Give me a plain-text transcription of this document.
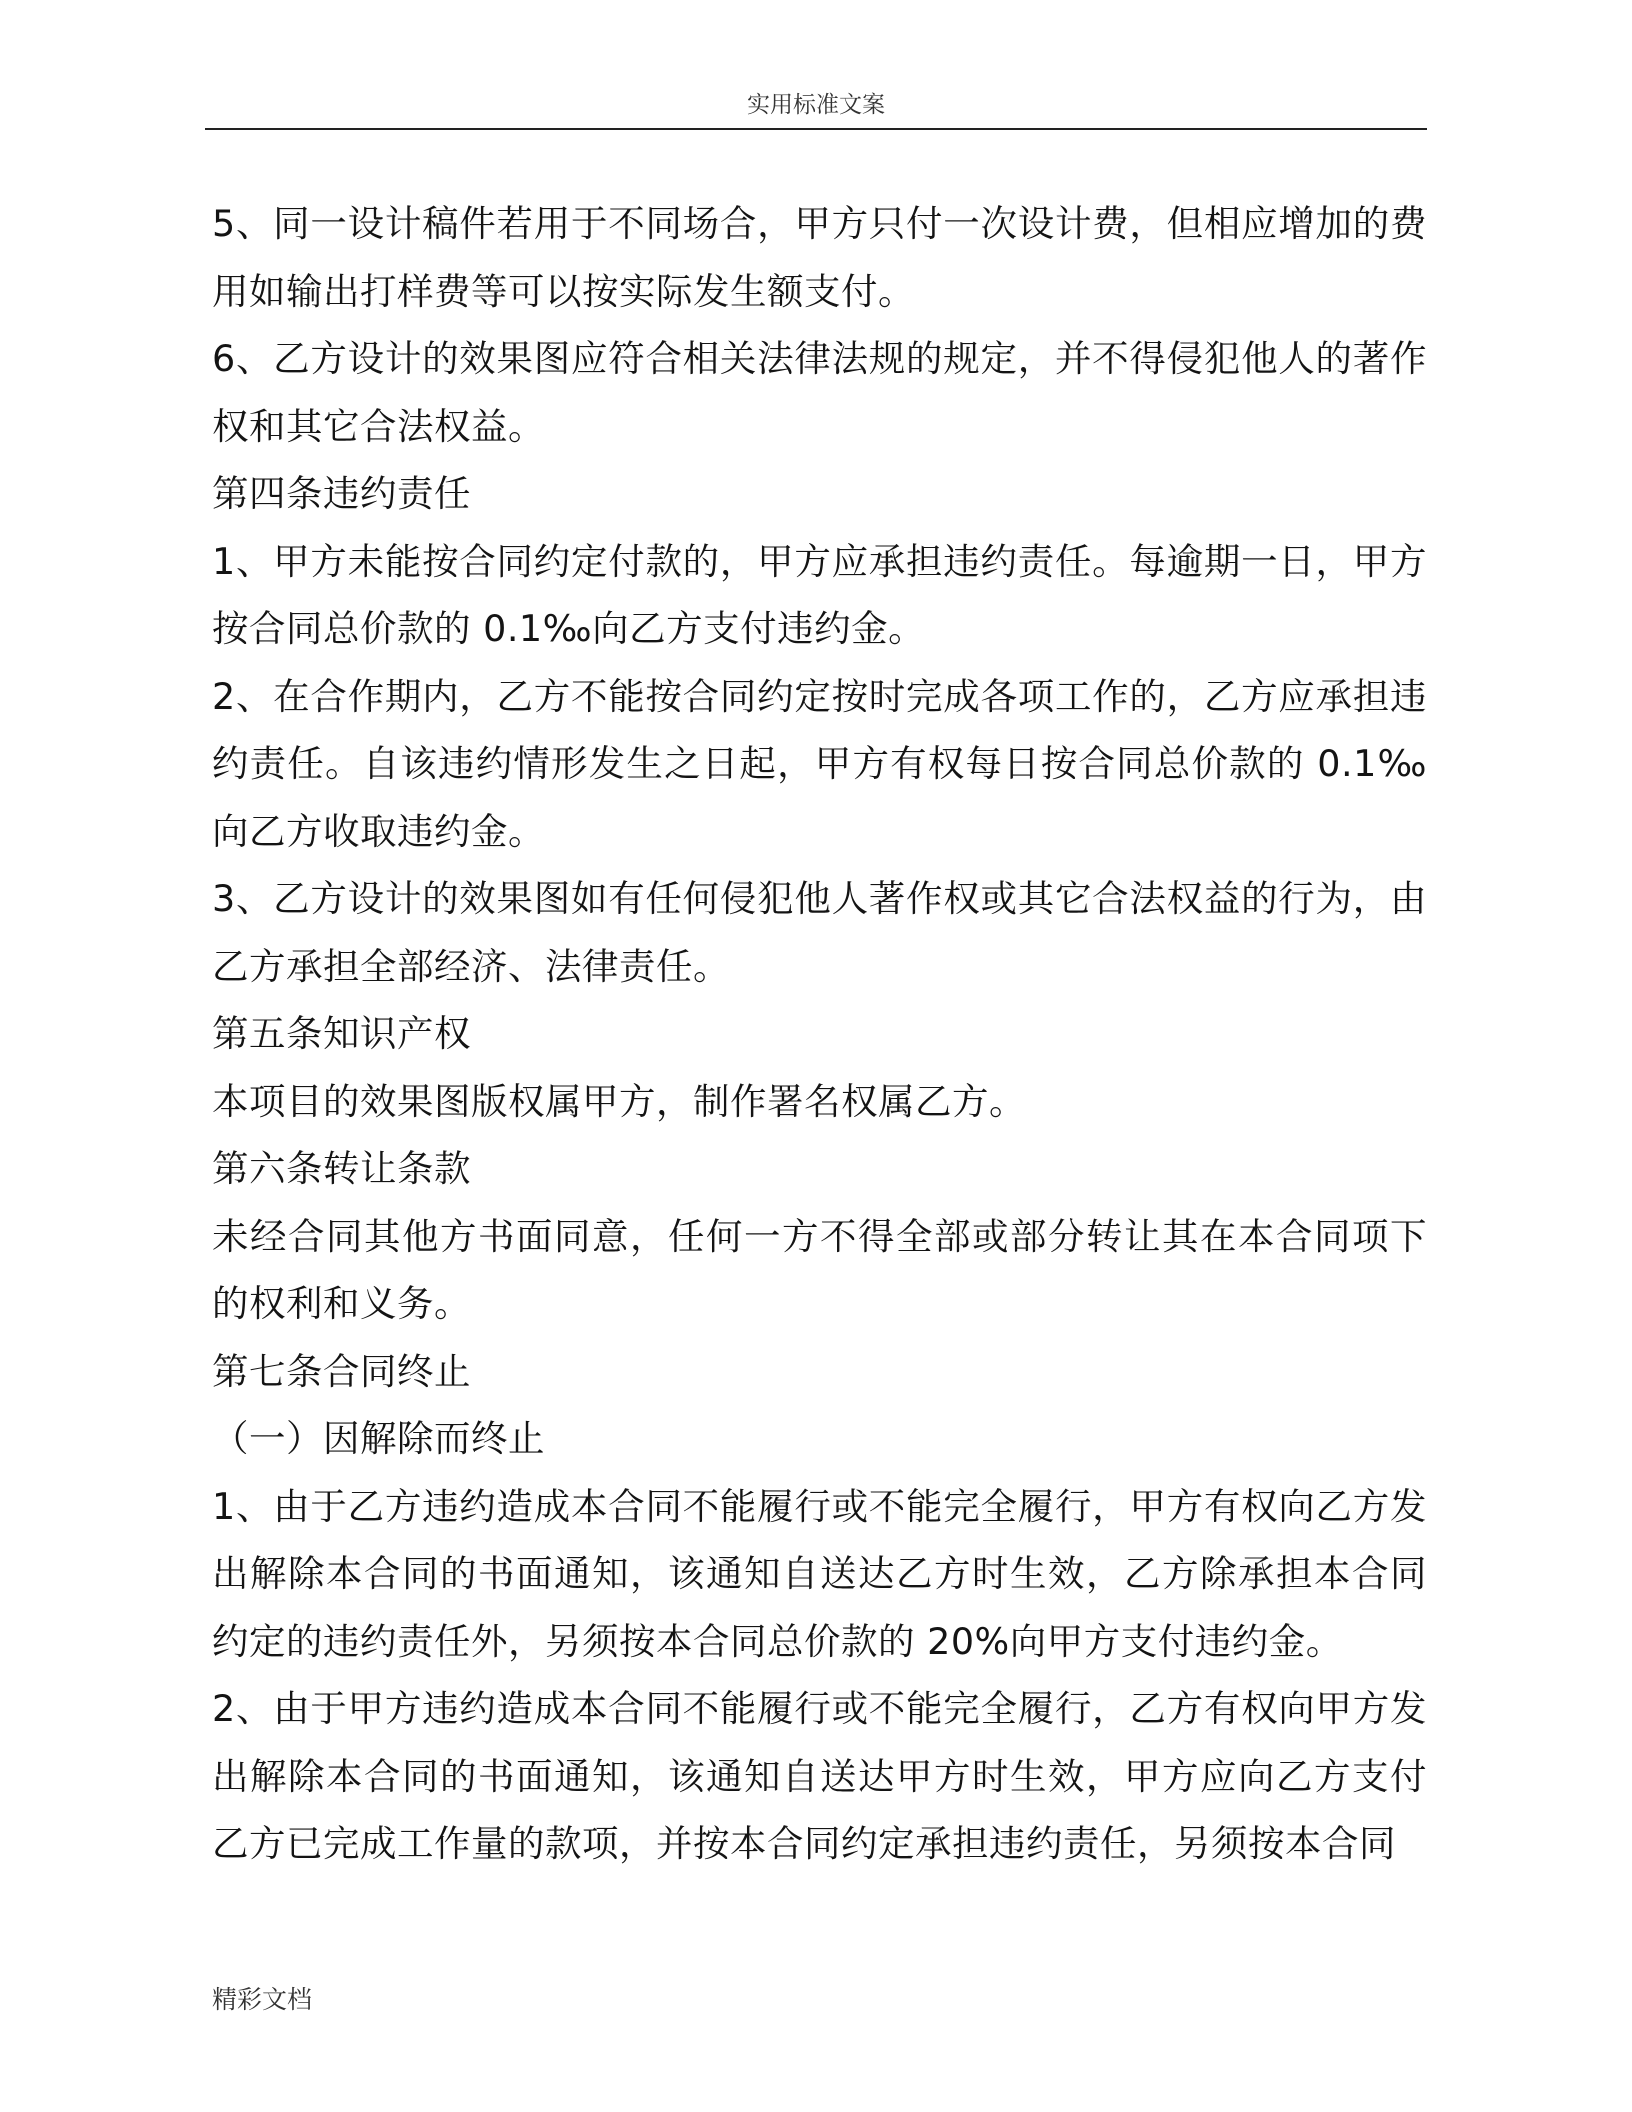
实用标准文案

5、同一设计稿件若用于不同场合，甲方只付一次设计费，但相应增加的费用如输出打样费等可以按实际发生额支付。

6、乙方设计的效果图应符合相关法律法规的规定，并不得侵犯他人的著作权和其它合法权益。

第四条违约责任

1、甲方未能按合同约定付款的，甲方应承担违约责任。每逾期一日，甲方按合同总价款的 0.1‰向乙方支付违约金。

2、在合作期内，乙方不能按合同约定按时完成各项工作的，乙方应承担违约责任。自该违约情形发生之日起，甲方有权每日按合同总价款的 0.1‰向乙方收取违约金。

3、乙方设计的效果图如有任何侵犯他人著作权或其它合法权益的行为，由乙方承担全部经济、法律责任。

第五条知识产权

本项目的效果图版权属甲方，制作署名权属乙方。

第六条转让条款

未经合同其他方书面同意，任何一方不得全部或部分转让其在本合同项下的权利和义务。

第七条合同终止

（一）因解除而终止

1、由于乙方违约造成本合同不能履行或不能完全履行，甲方有权向乙方发出解除本合同的书面通知，该通知自送达乙方时生效，乙方除承担本合同约定的违约责任外，另须按本合同总价款的 20%向甲方支付违约金。

2、由于甲方违约造成本合同不能履行或不能完全履行，乙方有权向甲方发出解除本合同的书面通知，该通知自送达甲方时生效，甲方应向乙方支付乙方已完成工作量的款项，并按本合同约定承担违约责任，另须按本合同

精彩文档
